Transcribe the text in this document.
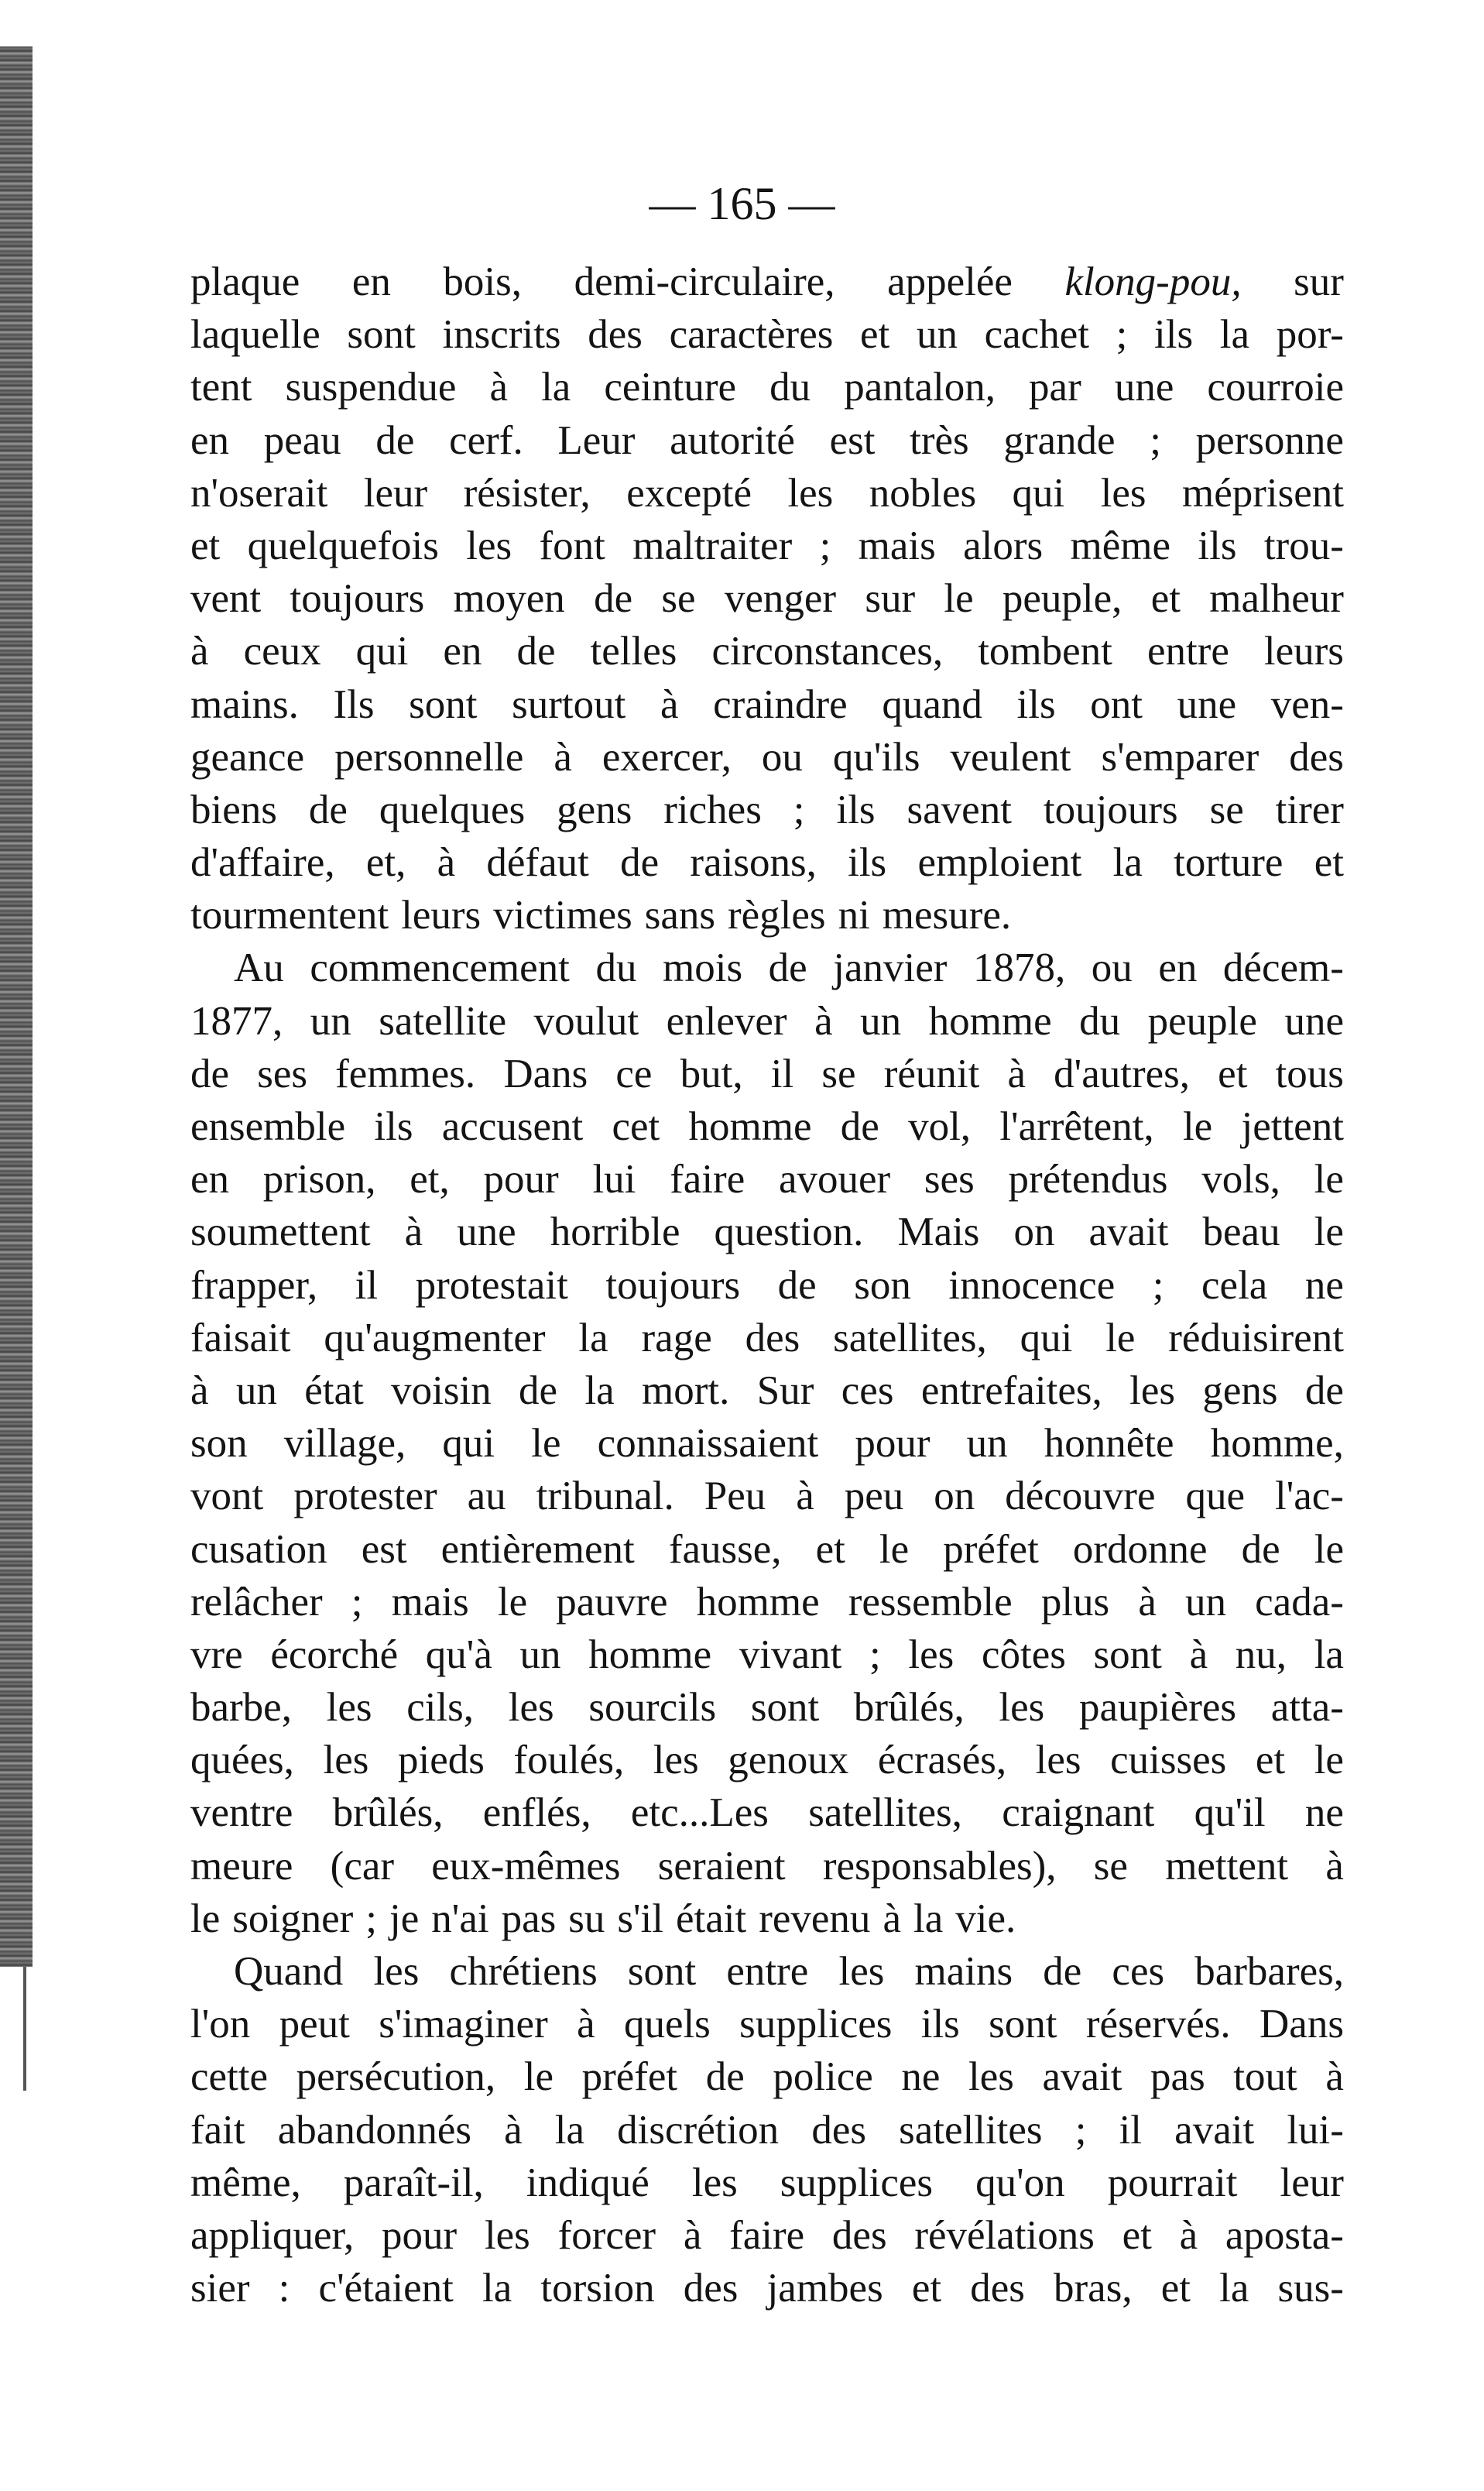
— 165 —

plaque en bois, demi-circulaire, appelée klong-pou, sur
laquelle sont inscrits des caractères et un cachet ; ils la por-
tent suspendue à la ceinture du pantalon, par une courroie
en peau de cerf. Leur autorité est très grande ; personne
n'oserait leur résister, excepté les nobles qui les méprisent
et quelquefois les font maltraiter ; mais alors même ils trou-
vent toujours moyen de se venger sur le peuple, et malheur
à ceux qui en de telles circonstances, tombent entre leurs
mains. Ils sont surtout à craindre quand ils ont une ven-
geance personnelle à exercer, ou qu'ils veulent s'emparer des
biens de quelques gens riches ; ils savent toujours se tirer
d'affaire, et, à défaut de raisons, ils emploient la torture et
tourmentent leurs victimes sans règles ni mesure.
Au commencement du mois de janvier 1878, ou en décem-
1877, un satellite voulut enlever à un homme du peuple une
de ses femmes. Dans ce but, il se réunit à d'autres, et tous
ensemble ils accusent cet homme de vol, l'arrêtent, le jettent
en prison, et, pour lui faire avouer ses prétendus vols, le
soumettent à une horrible question. Mais on avait beau le
frapper, il protestait toujours de son innocence ; cela ne
faisait qu'augmenter la rage des satellites, qui le réduisirent
à un état voisin de la mort. Sur ces entrefaites, les gens de
son village, qui le connaissaient pour un honnête homme,
vont protester au tribunal. Peu à peu on découvre que l'ac-
cusation est entièrement fausse, et le préfet ordonne de le
relâcher ; mais le pauvre homme ressemble plus à un cada-
vre écorché qu'à un homme vivant ; les côtes sont à nu, la
barbe, les cils, les sourcils sont brûlés, les paupières atta-
quées, les pieds foulés, les genoux écrasés, les cuisses et le
ventre brûlés, enflés, etc...Les satellites, craignant qu'il ne
meure (car eux-mêmes seraient responsables), se mettent à
le soigner ; je n'ai pas su s'il était revenu à la vie.
Quand les chrétiens sont entre les mains de ces barbares,
l'on peut s'imaginer à quels supplices ils sont réservés. Dans
cette persécution, le préfet de police ne les avait pas tout à
fait abandonnés à la discrétion des satellites ; il avait lui-
même, paraît-il, indiqué les supplices qu'on pourrait leur
appliquer, pour les forcer à faire des révélations et à aposta-
sier : c'étaient la torsion des jambes et des bras, et la sus-
